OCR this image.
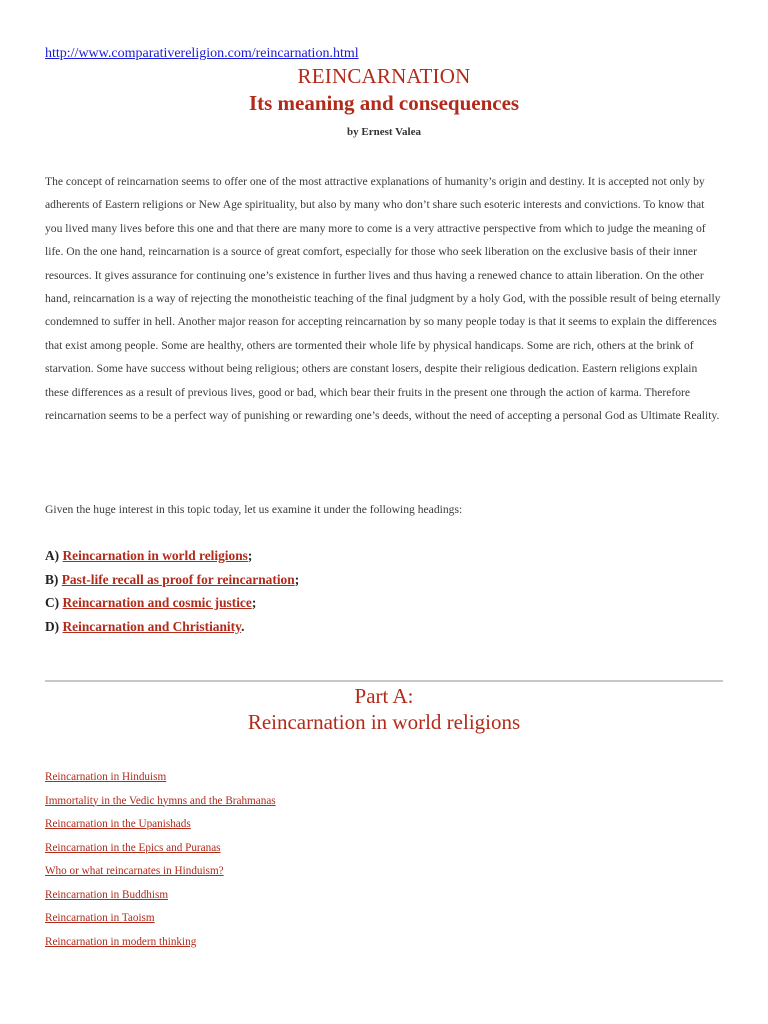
http://www.comparativereligion.com/reincarnation.html
REINCARNATION
Its meaning and consequences
by Ernest Valea

The concept of reincarnation seems to offer one of the most attractive explanations of humanity’s origin and destiny. It is accepted not only by adherents of Eastern religions or New Age spirituality, but also by many who don’t share such esoteric interests and convictions. To know that you lived many lives before this one and that there are many more to come is a very attractive perspective from which to judge the meaning of life. On the one hand, reincarnation is a source of great comfort, especially for those who seek liberation on the exclusive basis of their inner resources. It gives assurance for continuing one’s existence in further lives and thus having a renewed chance to attain liberation. On the other hand, reincarnation is a way of rejecting the monotheistic teaching of the final judgment by a holy God, with the possible result of being eternally condemned to suffer in hell. Another major reason for accepting reincarnation by so many people today is that it seems to explain the differences that exist among people. Some are healthy, others are tormented their whole life by physical handicaps. Some are rich, others at the brink of starvation. Some have success without being religious; others are constant losers, despite their religious dedication. Eastern religions explain these differences as a result of previous lives, good or bad, which bear their fruits in the present one through the action of karma. Therefore reincarnation seems to be a perfect way of punishing or rewarding one’s deeds, without the need of accepting a personal God as Ultimate Reality.

Given the huge interest in this topic today, let us examine it under the following headings:

A) Reincarnation in world religions;
B) Past-life recall as proof for reincarnation;
C) Reincarnation and cosmic justice;
D) Reincarnation and Christianity.
Part A:
Reincarnation in world religions
Reincarnation in Hinduism
Immortality in the Vedic hymns and the Brahmanas
Reincarnation in the Upanishads
Reincarnation in the Epics and Puranas
Who or what reincarnates in Hinduism?
Reincarnation in Buddhism
Reincarnation in Taoism
Reincarnation in modern thinking
